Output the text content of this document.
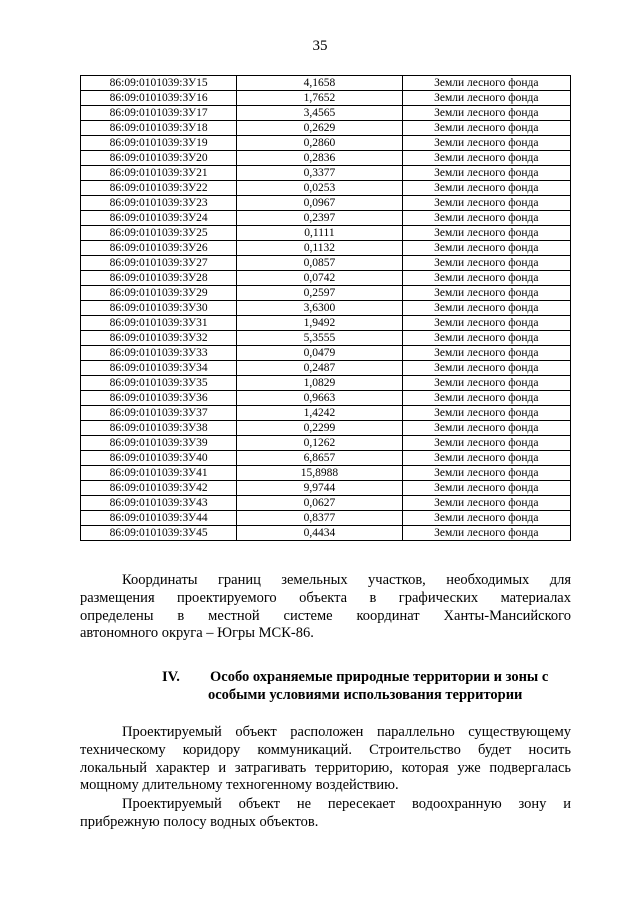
35
86:09:0101039:ЗУ15	4,1658	Земли лесного фонда
86:09:0101039:ЗУ16	1,7652	Земли лесного фонда
86:09:0101039:ЗУ17	3,4565	Земли лесного фонда
86:09:0101039:ЗУ18	0,2629	Земли лесного фонда
86:09:0101039:ЗУ19	0,2860	Земли лесного фонда
86:09:0101039:ЗУ20	0,2836	Земли лесного фонда
86:09:0101039:ЗУ21	0,3377	Земли лесного фонда
86:09:0101039:ЗУ22	0,0253	Земли лесного фонда
86:09:0101039:ЗУ23	0,0967	Земли лесного фонда
86:09:0101039:ЗУ24	0,2397	Земли лесного фонда
86:09:0101039:ЗУ25	0,1111	Земли лесного фонда
86:09:0101039:ЗУ26	0,1132	Земли лесного фонда
86:09:0101039:ЗУ27	0,0857	Земли лесного фонда
86:09:0101039:ЗУ28	0,0742	Земли лесного фонда
86:09:0101039:ЗУ29	0,2597	Земли лесного фонда
86:09:0101039:ЗУ30	3,6300	Земли лесного фонда
86:09:0101039:ЗУ31	1,9492	Земли лесного фонда
86:09:0101039:ЗУ32	5,3555	Земли лесного фонда
86:09:0101039:ЗУ33	0,0479	Земли лесного фонда
86:09:0101039:ЗУ34	0,2487	Земли лесного фонда
86:09:0101039:ЗУ35	1,0829	Земли лесного фонда
86:09:0101039:ЗУ36	0,9663	Земли лесного фонда
86:09:0101039:ЗУ37	1,4242	Земли лесного фонда
86:09:0101039:ЗУ38	0,2299	Земли лесного фонда
86:09:0101039:ЗУ39	0,1262	Земли лесного фонда
86:09:0101039:ЗУ40	6,8657	Земли лесного фонда
86:09:0101039:ЗУ41	15,8988	Земли лесного фонда
86:09:0101039:ЗУ42	9,9744	Земли лесного фонда
86:09:0101039:ЗУ43	0,0627	Земли лесного фонда
86:09:0101039:ЗУ44	0,8377	Земли лесного фонда
86:09:0101039:ЗУ45	0,4434	Земли лесного фонда
Координаты границ земельных участков, необходимых для
размещения проектируемого объекта в графических материалах
определены в местной системе координат Ханты-Мансийского
автономного округа – Югры МСК-86.
IV.	Особо охраняемые природные территории и зоны с
особыми условиями использования территории
Проектируемый объект расположен параллельно существующему
техническому коридору коммуникаций. Строительство будет носить
локальный характер и затрагивать территорию, которая уже подвергалась
мощному длительному техногенному воздействию.
Проектируемый объект не пересекает водоохранную зону и
прибрежную полосу водных объектов.
